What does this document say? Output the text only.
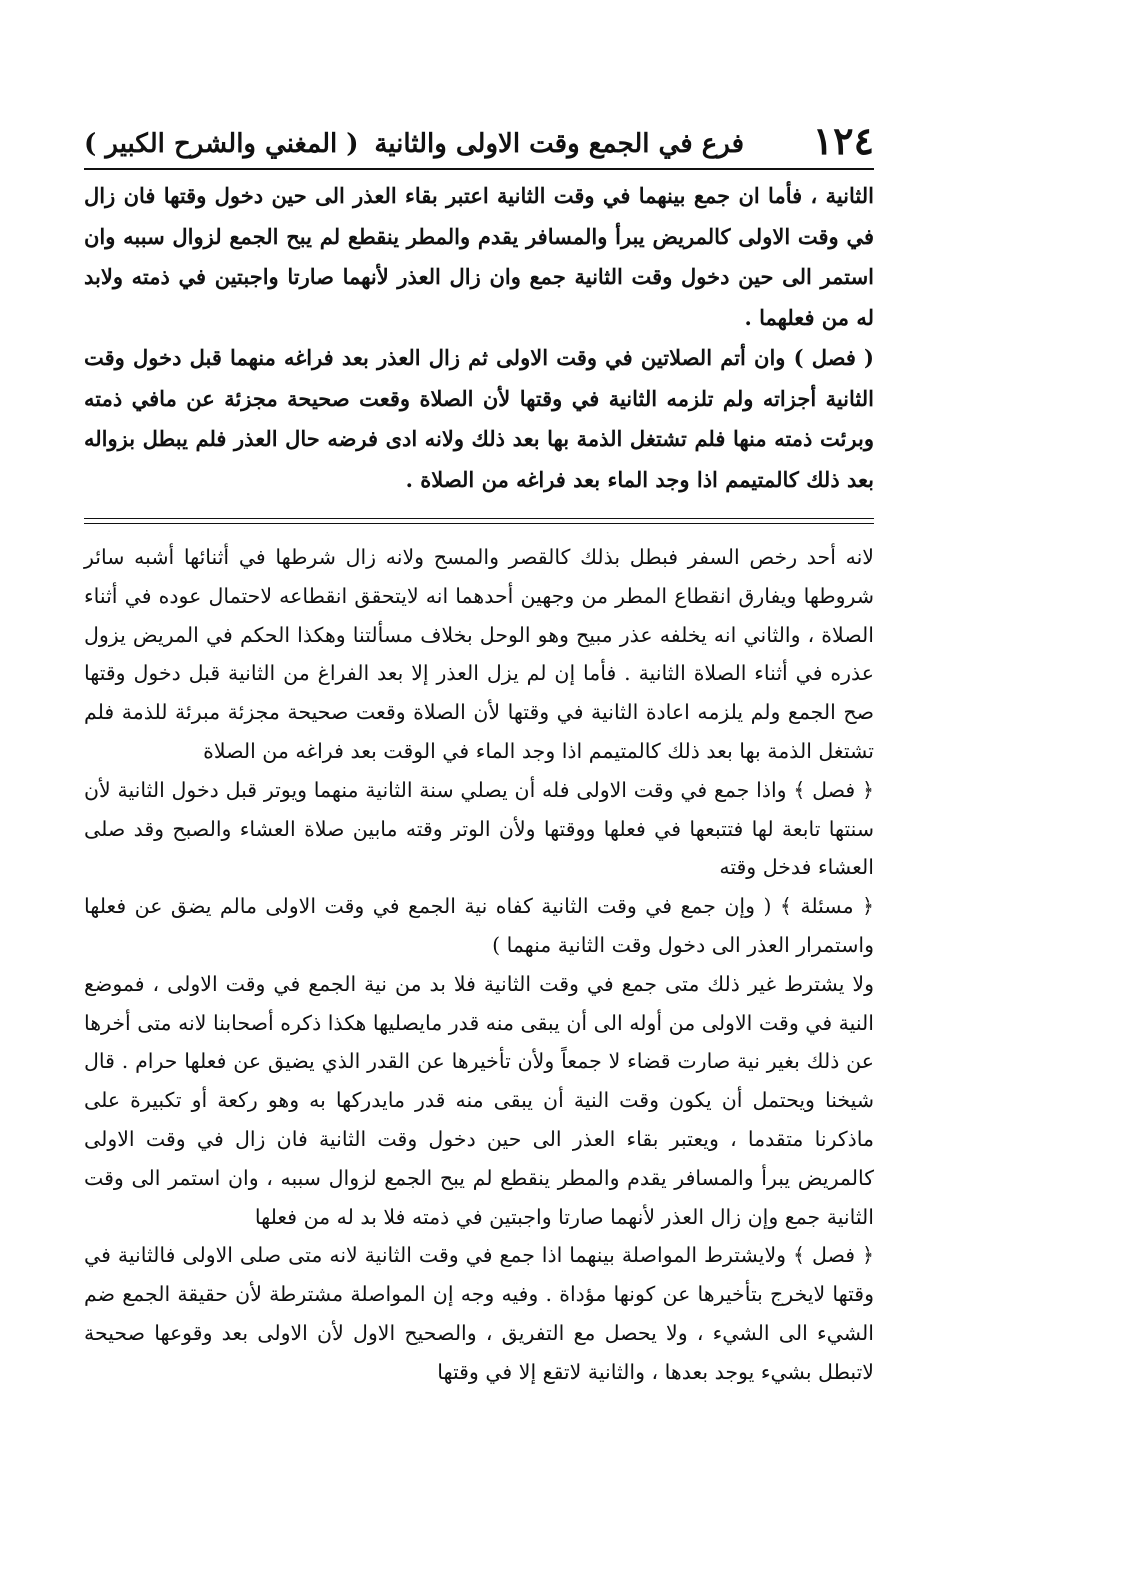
١٢٤
فرع في الجمع وقت الاولى والثانية
( المغني والشرح الكبير )

الثانية ، فأما ان جمع بينهما في وقت الثانية اعتبر بقاء العذر الى حين دخول وقتها فان زال في وقت الاولى كالمريض يبرأ والمسافر يقدم والمطر ينقطع لم يبح الجمع لزوال سببه وان استمر الى حين دخول وقت الثانية جمع وان زال العذر لأنهما صارتا واجبتين في ذمته ولابد له من فعلهما .

( فصل ) وان أتم الصلاتين في وقت الاولى ثم زال العذر بعد فراغه منهما قبل دخول وقت الثانية أجزاته ولم تلزمه الثانية في وقتها لأن الصلاة وقعت صحيحة مجزئة عن مافي ذمته وبرئت ذمته منها فلم تشتغل الذمة بها بعد ذلك ولانه ادى فرضه حال العذر فلم يبطل بزواله بعد ذلك كالمتيمم اذا وجد الماء بعد فراغه من الصلاة .

لانه أحد رخص السفر فبطل بذلك كالقصر والمسح ولانه زال شرطها في أثنائها أشبه سائر شروطها ويفارق انقطاع المطر من وجهين أحدهما انه لايتحقق انقطاعه لاحتمال عوده في أثناء الصلاة ، والثاني انه يخلفه عذر مبيح وهو الوحل بخلاف مسألتنا وهكذا الحكم في المريض يزول عذره في أثناء الصلاة الثانية . فأما إن لم يزل العذر إلا بعد الفراغ من الثانية قبل دخول وقتها صح الجمع ولم يلزمه اعادة الثانية في وقتها لأن الصلاة وقعت صحيحة مجزئة مبرئة للذمة فلم تشتغل الذمة بها بعد ذلك كالمتيمم اذا وجد الماء في الوقت بعد فراغه من الصلاة

﴿ فصل ﴾ واذا جمع في وقت الاولى فله أن يصلي سنة الثانية منهما ويوتر قبل دخول الثانية لأن سنتها تابعة لها فتتبعها في فعلها ووقتها ولأن الوتر وقته مابين صلاة العشاء والصبح وقد صلى العشاء فدخل وقته

﴿ مسئلة ﴾ ( وإن جمع في وقت الثانية كفاه نية الجمع في وقت الاولى مالم يضق عن فعلها واستمرار العذر الى دخول وقت الثانية منهما )

ولا يشترط غير ذلك متى جمع في وقت الثانية فلا بد من نية الجمع في وقت الاولى ، فموضع النية في وقت الاولى من أوله الى أن يبقى منه قدر مايصليها هكذا ذكره أصحابنا لانه متى أخرها عن ذلك بغير نية صارت قضاء لا جمعاً ولأن تأخيرها عن القدر الذي يضيق عن فعلها حرام . قال شيخنا ويحتمل أن يكون وقت النية أن يبقى منه قدر مايدركها به وهو ركعة أو تكبيرة على ماذكرنا متقدما ، ويعتبر بقاء العذر الى حين دخول وقت الثانية فان زال في وقت الاولى كالمريض يبرأ والمسافر يقدم والمطر ينقطع لم يبح الجمع لزوال سببه ، وان استمر الى وقت الثانية جمع وإن زال العذر لأنهما صارتا واجبتين في ذمته فلا بد له من فعلها

﴿ فصل ﴾ ولايشترط المواصلة بينهما اذا جمع في وقت الثانية لانه متى صلى الاولى فالثانية في وقتها لايخرج بتأخيرها عن كونها مؤداة . وفيه وجه إن المواصلة مشترطة لأن حقيقة الجمع ضم الشيء الى الشيء ، ولا يحصل مع التفريق ، والصحيح الاول لأن الاولى بعد وقوعها صحيحة لاتبطل بشيء يوجد بعدها ، والثانية لاتقع إلا في وقتها
